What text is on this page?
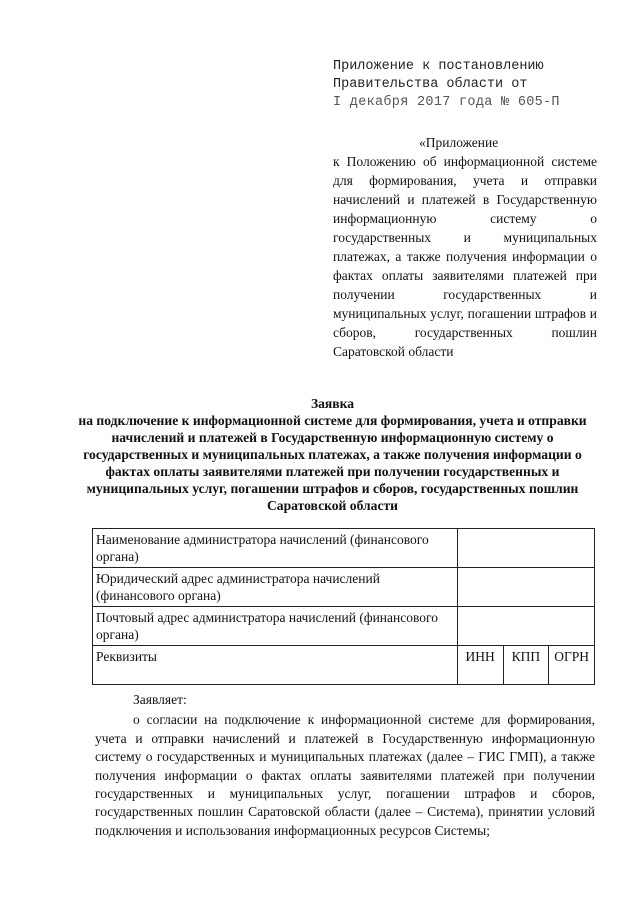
Приложение к постановлению
Правительства области от
I декабря 2017 года № 605-П
«Приложение
к Положению об информационной системе для формирования, учета и отправки начислений и платежей в Государственную информационную систему о государственных и муниципальных платежах, а также получения информации о фактах оплаты заявителями платежей при получении государственных и муниципальных услуг, погашении штрафов и сборов, государственных пошлин Саратовской области
Заявка
на подключение к информационной системе для формирования, учета и отправки начислений и платежей в Государственную информационную систему о государственных и муниципальных платежах, а также получения информации о фактах оплаты заявителями платежей при получении государственных и муниципальных услуг, погашении штрафов и сборов, государственных пошлин Саратовской области
Наименование администратора начислений (финансового органа)			
Юридический адрес администратора начислений (финансового органа)			
Почтовый адрес администратора начислений (финансового органа)			
Реквизиты	ИНН	КПП	ОГРН
Заявляет:
о согласии на подключение к информационной системе для формирования, учета и отправки начислений и платежей в Государственную информационную систему о государственных и муниципальных платежах (далее – ГИС ГМП), а также получения информации о фактах оплаты заявителями платежей при получении государственных и муниципальных услуг, погашении штрафов и сборов, государственных пошлин Саратовской области (далее – Система), принятии условий подключения и использования информационных ресурсов Системы;
